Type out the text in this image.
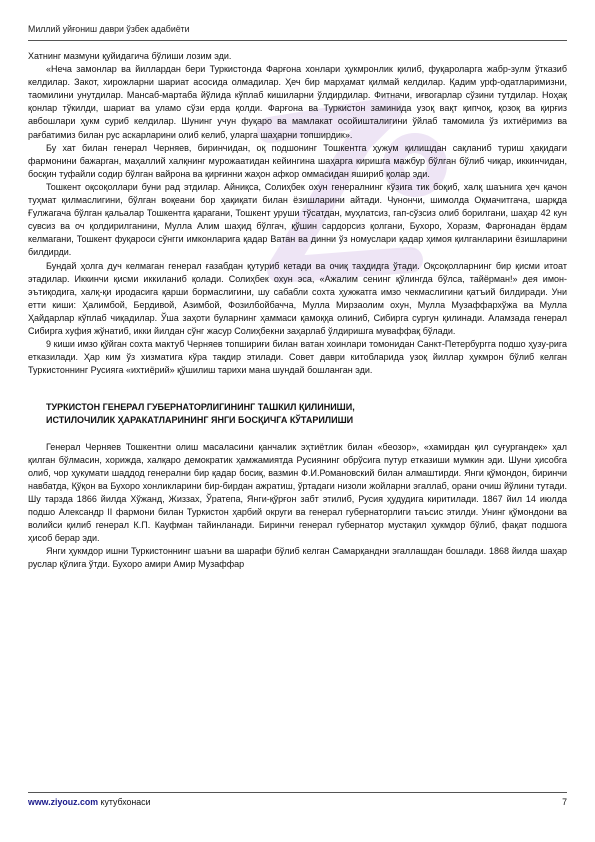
Миллий уйғониш даври ўзбек адабиёти

Хатнинг мазмуни қуйидагича бўлиши лозим эди.

«Неча замонлар ва йиллардан бери Туркистонда Фарғона хонлари ҳукмронлик қилиб, фуқароларга жабр-зулм ўтказиб келдилар. Закот, хирожларни шариат асосида олмадилар. Ҳеч бир марҳамат қилмай келдилар. Қадим урф-одатларимизни, таомилини унутдилар. Мансаб-мартаба йўлида кўплаб кишиларни ўлдирдилар. Фитначи, иғвогарлар сўзини тутдилар. Ноҳақ қонлар тўкилди, шариат ва уламо сўзи ерда қолди. Фарғона ва Туркистон заминида узоқ вақт қипчоқ, қозоқ ва қирғиз авбошлари ҳукм суриб келдилар. Шунинг учун фуқаро ва мамлакат осойишталигини ўйлаб тамомила ўз ихтиёримиз ва рағбатимиз билан рус аскарларини олиб келиб, уларга шаҳарни топширдик».

Бу хат билан генерал Черняев, биринчидан, оқ подшонинг Тошкентга ҳужум қилишдан сақланиб туриш ҳақидаги фармонини бажарган, маҳаллий халқнинг мурожаатидан кейингина шаҳарга киришга мажбур бўлган бўлиб чиқар, иккинчидан, босқин туфайли содир бўлган вайрона ва қирғинни жаҳон афкор оммасидан яшириб қолар эди.

Тошкент оқсоқоллари буни рад этдилар. Айниқса, Солиҳбек охун генералнинг кўзига тик боқиб, халқ шаънига ҳеч қачон туҳмат қилмаслигини, бўлган воқеани бор ҳақиқати билан ёзишларини айтади. Чунончи, шимолда Оқмачитгача, шарқда Ғулжагача бўлган қальалар Тошкентга қарагани, Тошкент уруши тўсатдан, муҳлатсиз, гап-сўзсиз олиб борилгани, шаҳар 42 кун сувсиз ва оч қолдирилганини, Мулла Алим шаҳид бўлгач, қўшин сардорсиз қолгани, Бухоро, Хоразм, Фарғонадан ёрдам келмагани, Тошкент фуқароси сўнгги имконларига қадар Ватан ва динни ўз номуслари қадар ҳимоя қилганларини ёзишларини билдирди.

Бундай ҳолга дуч келмаган генерал ғазабдан қутуриб кетади ва очиқ таҳдидга ўтади. Оқсоқолларнинг бир қисми итоат этадилар. Иккинчи қисми иккиланиб қолади. Солиҳбек охун эса, «Ажалим сенинг қўлингда бўлса, тайёрман!» дея имон-эътиқодига, халқ-қи иродасига қарши бормаслигини, шу сабабли сохта ҳужжатга имзо чекмаслигини қатъий билдиради. Уни етти киши: Ҳалимбой, Бердивой, Азимбой, Фозилбойбачча, Мулла Мирзаолим охун, Мулла Музаффархўжа ва Мулла Ҳайдарлар кўплаб чиқадилар. Ўша заҳоти буларнинг ҳаммаси қамоққа олиниб, Сибирга сургун қилинади. Аламзада генерал Сибирга хуфия жўнатиб, икки йилдан сўнг жасур Солиҳбекни заҳарлаб ўлдиришга муваффақ бўлади.

9 киши имзо қўйган сохта мактуб Черняев топшириғи билан ватан хоинлари томонидан Санкт-Петербургга подшо ҳузу-рига етказилади. Ҳар ким ўз хизматига кўра тақдир этилади. Совет даври китобларида узоқ йиллар ҳукмрон бўлиб келган Туркистоннинг Русияга «ихтиёрий» қўшилиш тарихи мана шундай бошланган эди.

ТУРКИСТОН ГЕНЕРАЛ ГУБЕРНАТОРЛИГИНИНГ ТАШКИЛ ҚИЛИНИШИ,

ИСТИЛОЧИЛИК ҲАРАКАТЛАРИНИНГ ЯНГИ БОСҚИЧГА КЎТАРИЛИШИ

Генерал Черняев Тошкентни олиш масаласини қанчалик эҳтиётлик билан «беозор», «хамирдан қил суғургандек» ҳал қилган бўлмасин, хорижда, халқаро демократик ҳамжамиятда Русиянинг обрўсига путур етказиши мумкин эди. Шуни ҳисобга олиб, чор ҳукумати шаддод генерални бир қадар босиқ, вазмин Ф.И.Романовский билан алмаштирди. Янги қўмондон, биринчи навбатда, Қўқон ва Бухоро хонликларини бир-бирдан ажратиш, ўртадаги низоли жойларни эгаллаб, орани очиш йўлини тутади. Шу тарзда 1866 йилда Хўжанд, Жиззах, Ўратепа, Янги-қўрғон забт этилиб, Русия ҳудудига киритилади. 1867 йил 14 июлда подшо Александр II фармони билан Туркистон ҳарбий округи ва генерал губернаторлиги таъсис этилди. Унинг қўмондони ва волийси қилиб генерал К.П. Кауфман тайинланади. Биринчи генерал губернатор мустақил ҳукмдор бўлиб, фақат подшога ҳисоб берар эди.

Янги ҳукмдор ишни Туркистоннинг шаъни ва шарафи бўлиб келган Самарқандни эгаллашдан бошлади. 1868 йилда шаҳар руслар қўлига ўтди. Бухоро амири Амир Музаффар

www.ziyouz.com кутубхонаси	7
